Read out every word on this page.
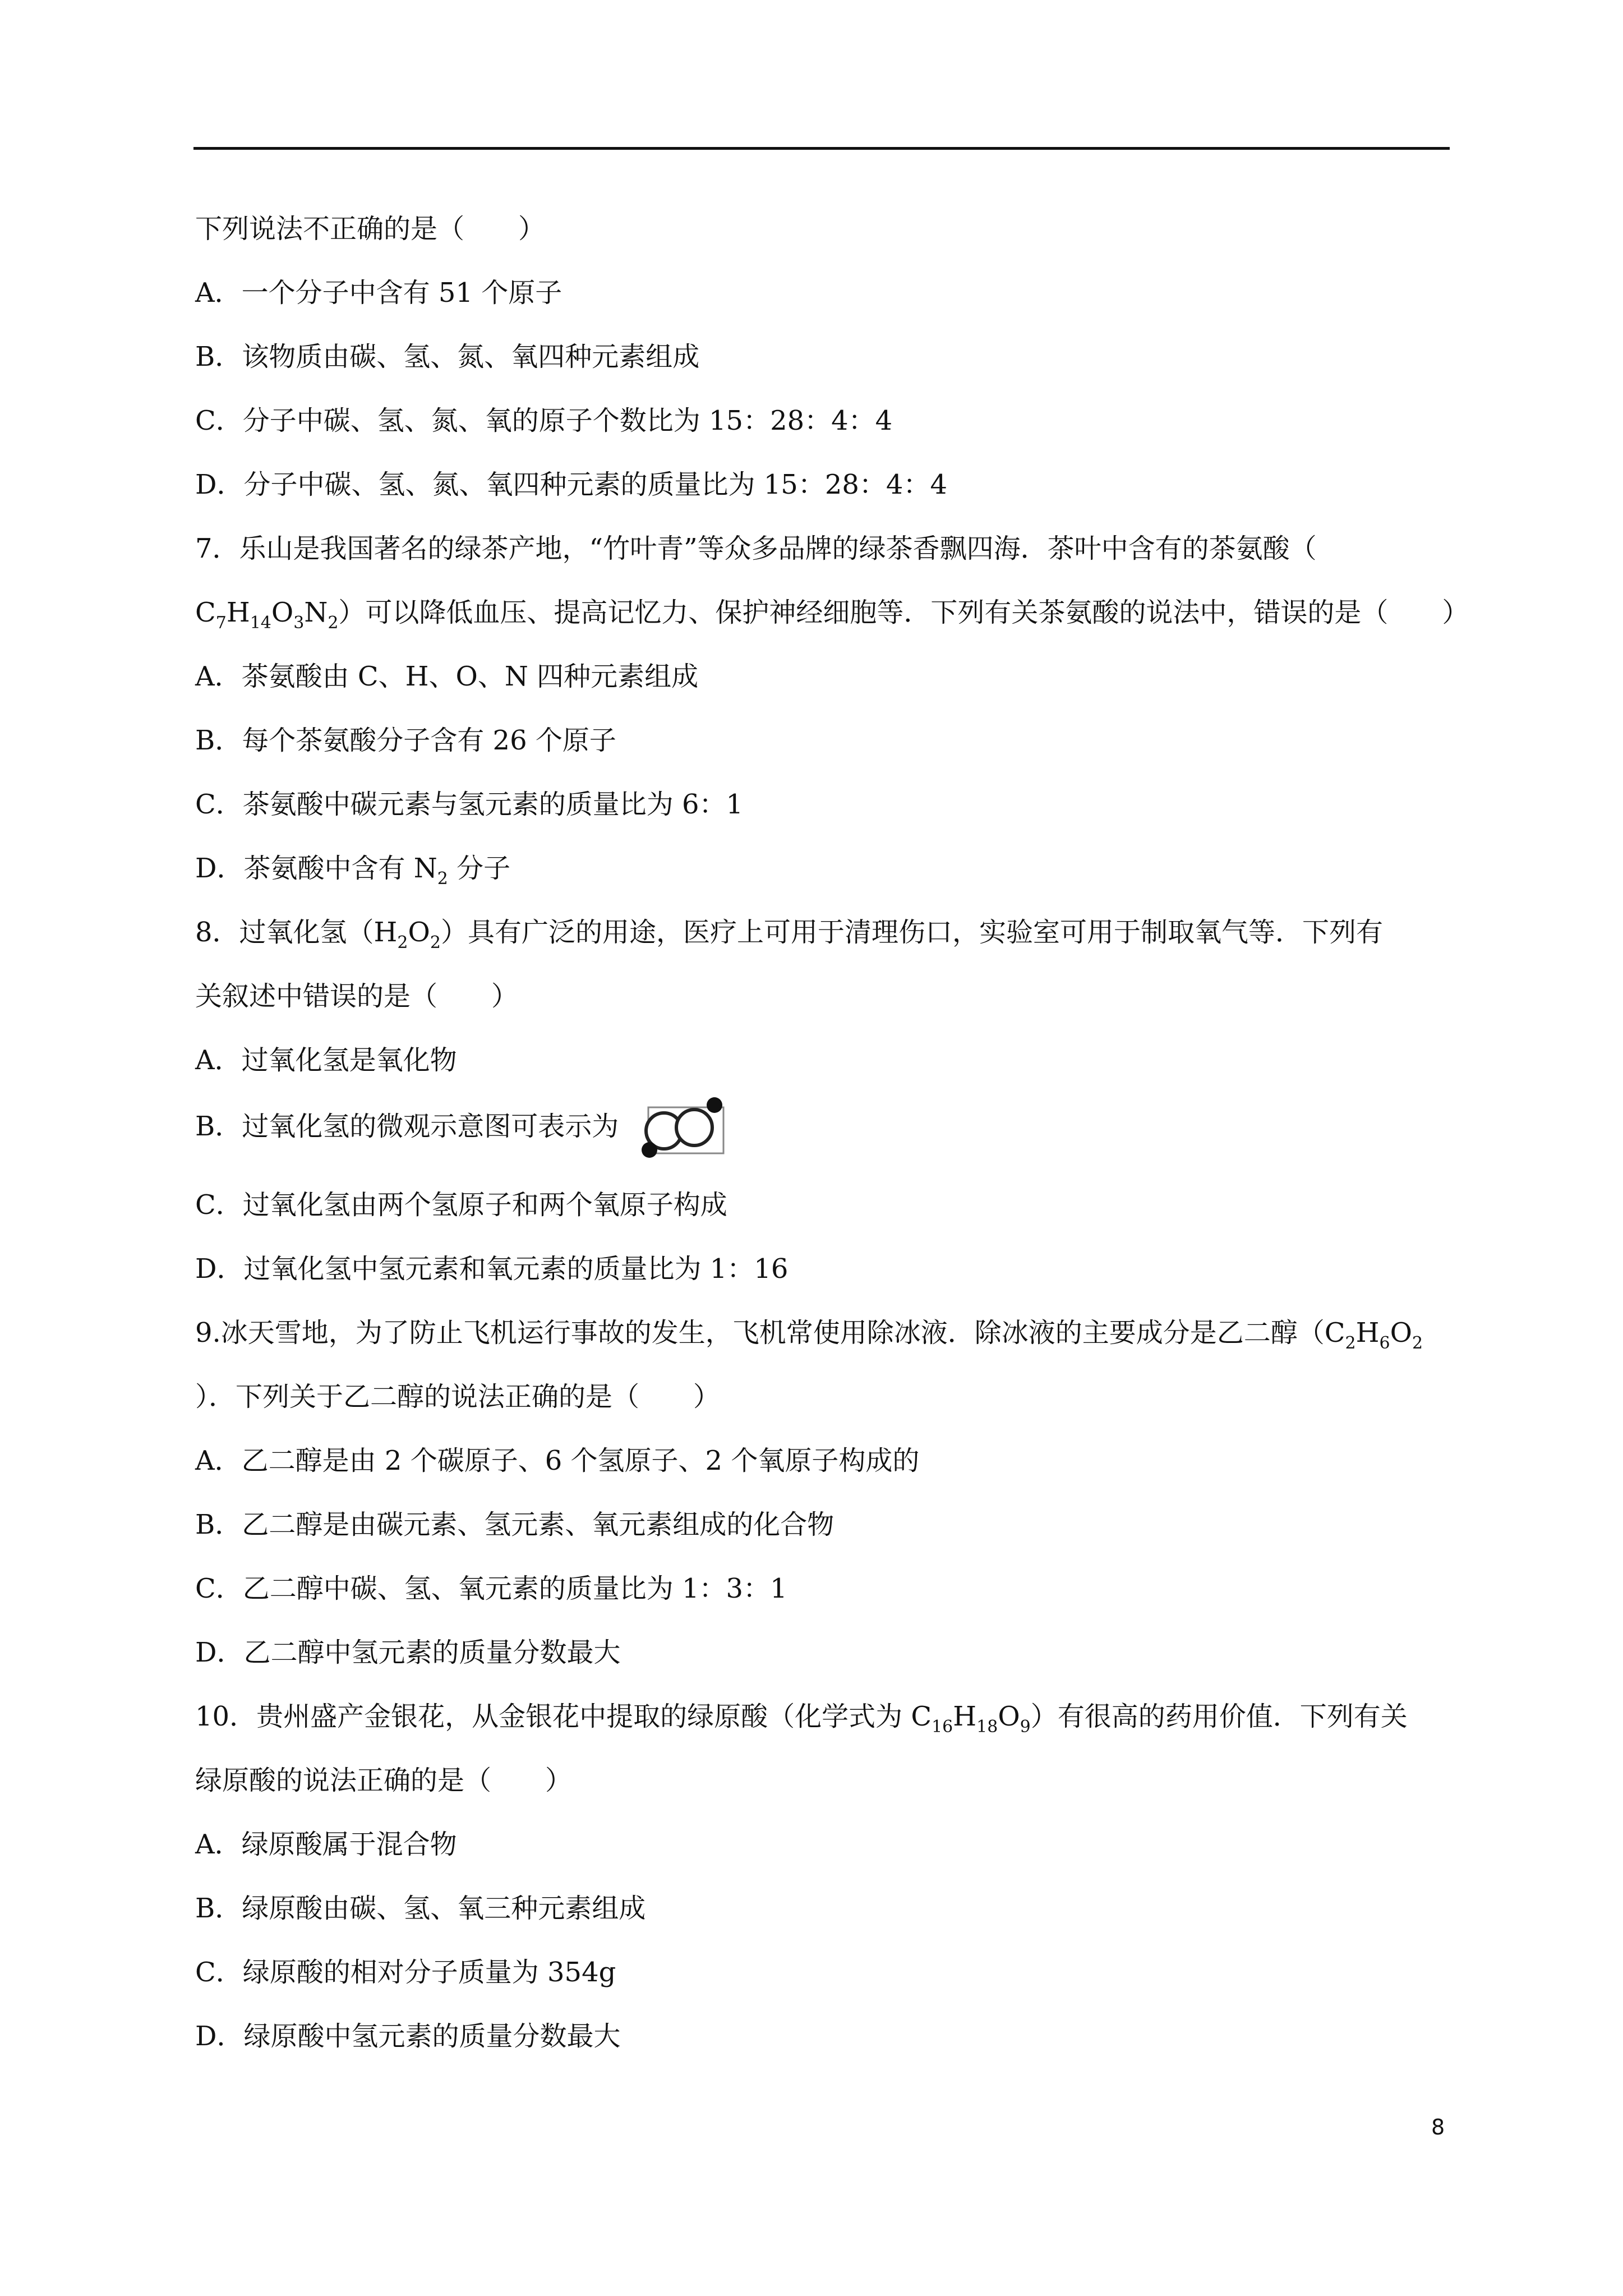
下列说法不正确的是（　　）
A．一个分子中含有 51 个原子
B．该物质由碳、氢、氮、氧四种元素组成
C．分子中碳、氢、氮、氧的原子个数比为 15：28：4：4
D．分子中碳、氢、氮、氧四种元素的质量比为 15：28：4：4
7．乐山是我国著名的绿茶产地，“竹叶青”等众多品牌的绿茶香飘四海．茶叶中含有的茶氨酸（
$C_7H_{14}O_3N_2$）可以降低血压、提高记忆力、保护神经细胞等．下列有关茶氨酸的说法中，错误的是（　　）
A．茶氨酸由 C、H、O、N 四种元素组成
B．每个茶氨酸分子含有 26 个原子
C．茶氨酸中碳元素与氢元素的质量比为 6：1
D．茶氨酸中含有 $N_2$ 分子
8．过氧化氢$(H_2O_2)$具有广泛的用途，医疗上可用于清理伤口，实验室可用于制取氧气等．下列有
关叙述中错误的是（　　）
A．过氧化氢是氧化物
B．过氧化氢的微观示意图可表示为
C．过氧化氢由两个氢原子和两个氧原子构成
D．过氧化氢中氢元素和氧元素的质量比为 1：16
9.冰天雪地，为了防止飞机运行事故的发生，飞机常使用除冰液．除冰液的主要成分是乙二醇（$C_2H_6O_2$
）．下列关于乙二醇的说法正确的是（　　）
A．乙二醇是由 2 个碳原子、6 个氢原子、2 个氧原子构成的
B．乙二醇是由碳元素、氢元素、氧元素组成的化合物
C．乙二醇中碳、氢、氧元素的质量比为 1：3：1
D．乙二醇中氢元素的质量分数最大
10．贵州盛产金银花，从金银花中提取的绿原酸（化学式为 $C_{16}H_{18}O_9$）有很高的药用价值．下列有关
绿原酸的说法正确的是（　　）
A．绿原酸属于混合物
B．绿原酸由碳、氢、氧三种元素组成
C．绿原酸的相对分子质量为 354g
D．绿原酸中氢元素的质量分数最大
8
